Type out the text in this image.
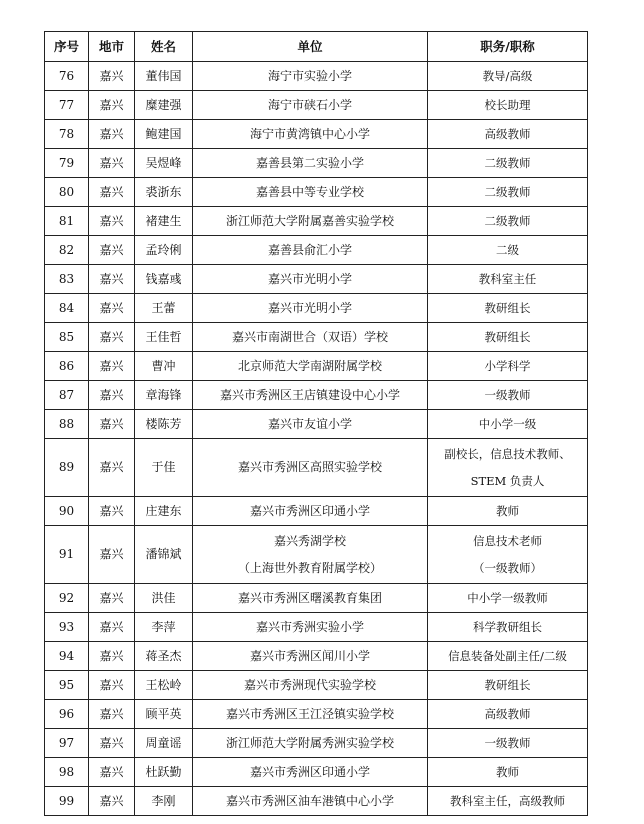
序号	地市	姓名	单位	职务/职称
76	嘉兴	董伟国	海宁市实验小学	教导/高级

77	嘉兴	糜建强	海宁市硖石小学	校长助理

78	嘉兴	鲍建国	海宁市黄湾镇中心小学	高级教师

79	嘉兴	吴煜峰	嘉善县第二实验小学	二级教师

80	嘉兴	裘浙东	嘉善县中等专业学校	二级教师

81	嘉兴	褚建生	浙江师范大学附属嘉善实验学校	二级教师

82	嘉兴	孟玲俐	嘉善县俞汇小学	二级

83	嘉兴	钱嘉彧	嘉兴市光明小学	教科室主任

84	嘉兴	王蕾	嘉兴市光明小学	教研组长

85	嘉兴	王佳哲	嘉兴市南湖世合（双语）学校	教研组长

86	嘉兴	曹冲	北京师范大学南湖附属学校	小学科学

87	嘉兴	章海锋	嘉兴市秀洲区王店镇建设中心小学	一级教师

88	嘉兴	楼陈芳	嘉兴市友谊小学	中小学一级

89	嘉兴	于佳	嘉兴市秀洲区高照实验学校	副校长，信息技术教师、
STEM 负责人

90	嘉兴	庄建东	嘉兴市秀洲区印通小学	教师

91	嘉兴	潘锦斌	嘉兴秀湖学校
（上海世外教育附属学校）	信息技术老师
（一级教师）

92	嘉兴	洪佳	嘉兴市秀洲区曙溪教育集团	中小学一级教师

93	嘉兴	李萍	嘉兴市秀洲实验小学	科学教研组长

94	嘉兴	蒋圣杰	嘉兴市秀洲区闻川小学	信息装备处副主任/二级

95	嘉兴	王松岭	嘉兴市秀洲现代实验学校	教研组长

96	嘉兴	顾平英	嘉兴市秀洲区王江泾镇实验学校	高级教师

97	嘉兴	周童谣	浙江师范大学附属秀洲实验学校	一级教师

98	嘉兴	杜跃勤	嘉兴市秀洲区印通小学	教师

99	嘉兴	李刚	嘉兴市秀洲区油车港镇中心小学	教科室主任，高级教师
